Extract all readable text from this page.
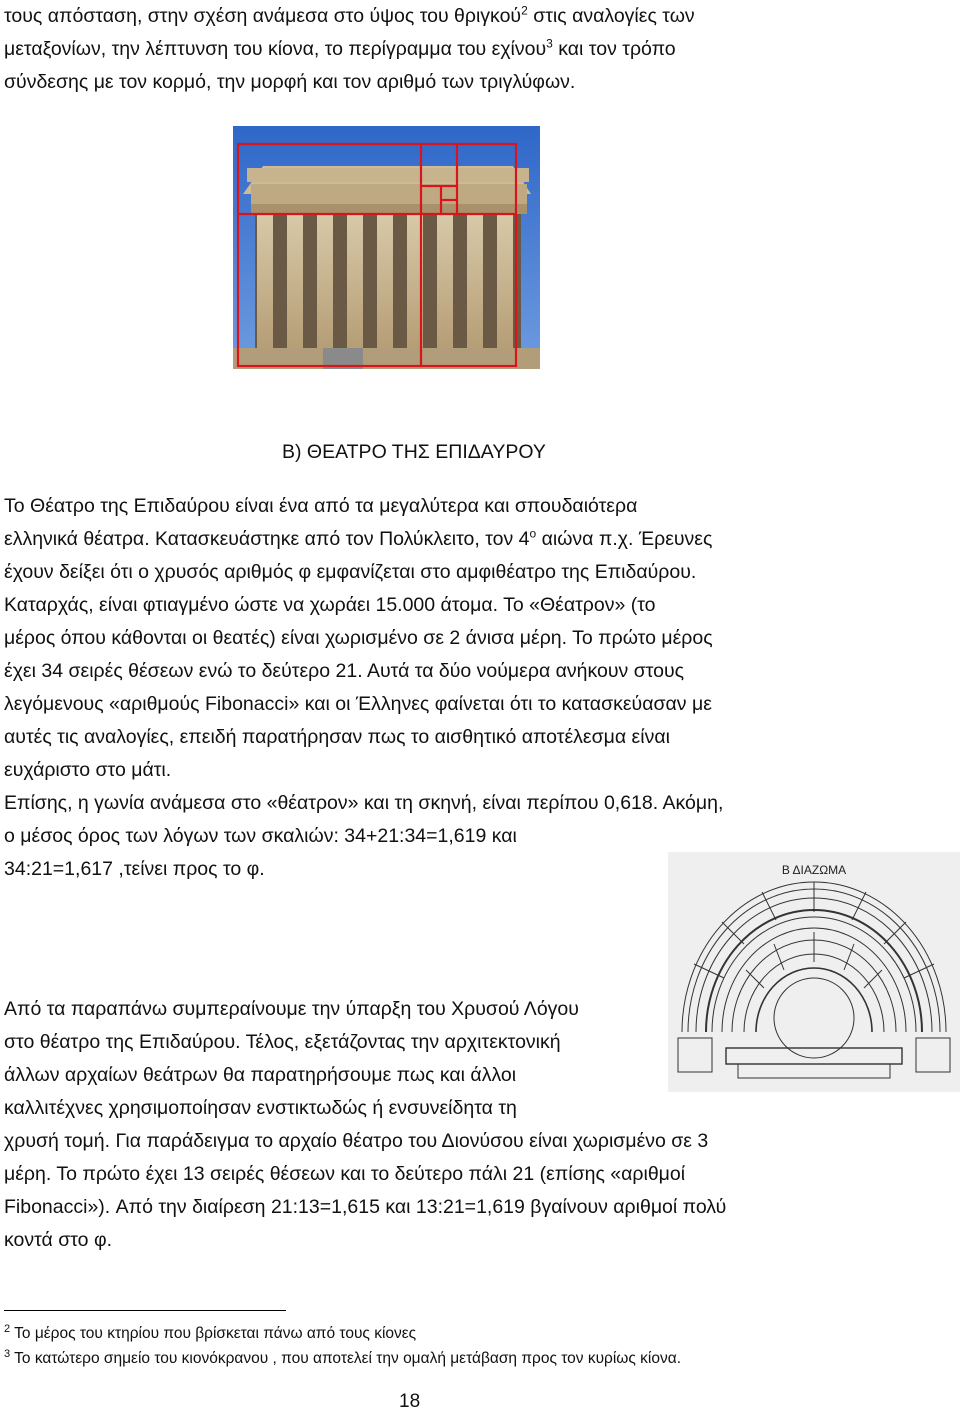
τους απόσταση, στην σχέση ανάμεσα στο ύψος του θριγκού$^2$ στις αναλογίες των
μεταξονίων, την λέπτυνση του κίονα, το περίγραμμα του εχίνου$^3$ και τον τρόπο
σύνδεσης με τον κορμό, την μορφή και τον αριθμό των τριγλύφων.
Β) ΘΕΑΤΡΟ ΤΗΣ ΕΠΙΔΑΥΡΟΥ
Το Θέατρο της Επιδαύρου είναι ένα από τα μεγαλύτερα και σπουδαιότερα
ελληνικά θέατρα. Κατασκευάστηκε από τον Πολύκλειτο, τον $4^o$ αιώνα π.χ. Έρευνες
έχουν δείξει ότι ο χρυσός αριθμός φ εμφανίζεται στο αμφιθέατρο της Επιδαύρου.
Καταρχάς, είναι φτιαγμένο ώστε να χωράει 15.000 άτομα. Το «Θέατρον» (το
μέρος όπου κάθονται οι θεατές) είναι χωρισμένο σε 2 άνισα μέρη. Το πρώτο μέρος
έχει 34 σειρές θέσεων ενώ το δεύτερο 21. Αυτά τα δύο νούμερα ανήκουν στους
λεγόμενους «αριθμούς Fibonacci» και οι Έλληνες φαίνεται ότι το κατασκεύασαν με
αυτές τις αναλογίες, επειδή παρατήρησαν πως το αισθητικό αποτέλεσμα είναι
ευχάριστο στο μάτι.
Επίσης, η γωνία ανάμεσα στο «θέατρον» και τη σκηνή, είναι περίπου 0,618. Ακόμη,
ο μέσος όρος των λόγων των σκαλιών: 34+21:34=1,619 και
34:21=1,617 ,τείνει προς το φ.	Β ΔΙΑΖΩΜΑ
Από τα παραπάνω συμπεραίνουμε την ύπαρξη του Χρυσού Λόγου
στο θέατρο της Επιδαύρου. Τέλος, εξετάζοντας την αρχιτεκτονική
άλλων αρχαίων θεάτρων θα παρατηρήσουμε πως και άλλοι
καλλιτέχνες χρησιμοποίησαν ενστικτωδώς ή ενσυνείδητα τη
χρυσή τομή. Για παράδειγμα το αρχαίο θέατρο του Διονύσου είναι χωρισμένο σε 3
μέρη. Το πρώτο έχει 13 σειρές θέσεων και το δεύτερο πάλι 21 (επίσης «αριθμοί
Fibonacci»). Από την διαίρεση 21:13=1,615 και 13:21=1,619 βγαίνουν αριθμοί πολύ
κοντά στο φ.
$^2$ Το μέρος του κτηρίου που βρίσκεται πάνω από τους κίονες
$^3$ Το κατώτερο σημείο του κιονόκρανου , που αποτελεί την ομαλή μετάβαση προς τον κυρίως κίονα.
18
